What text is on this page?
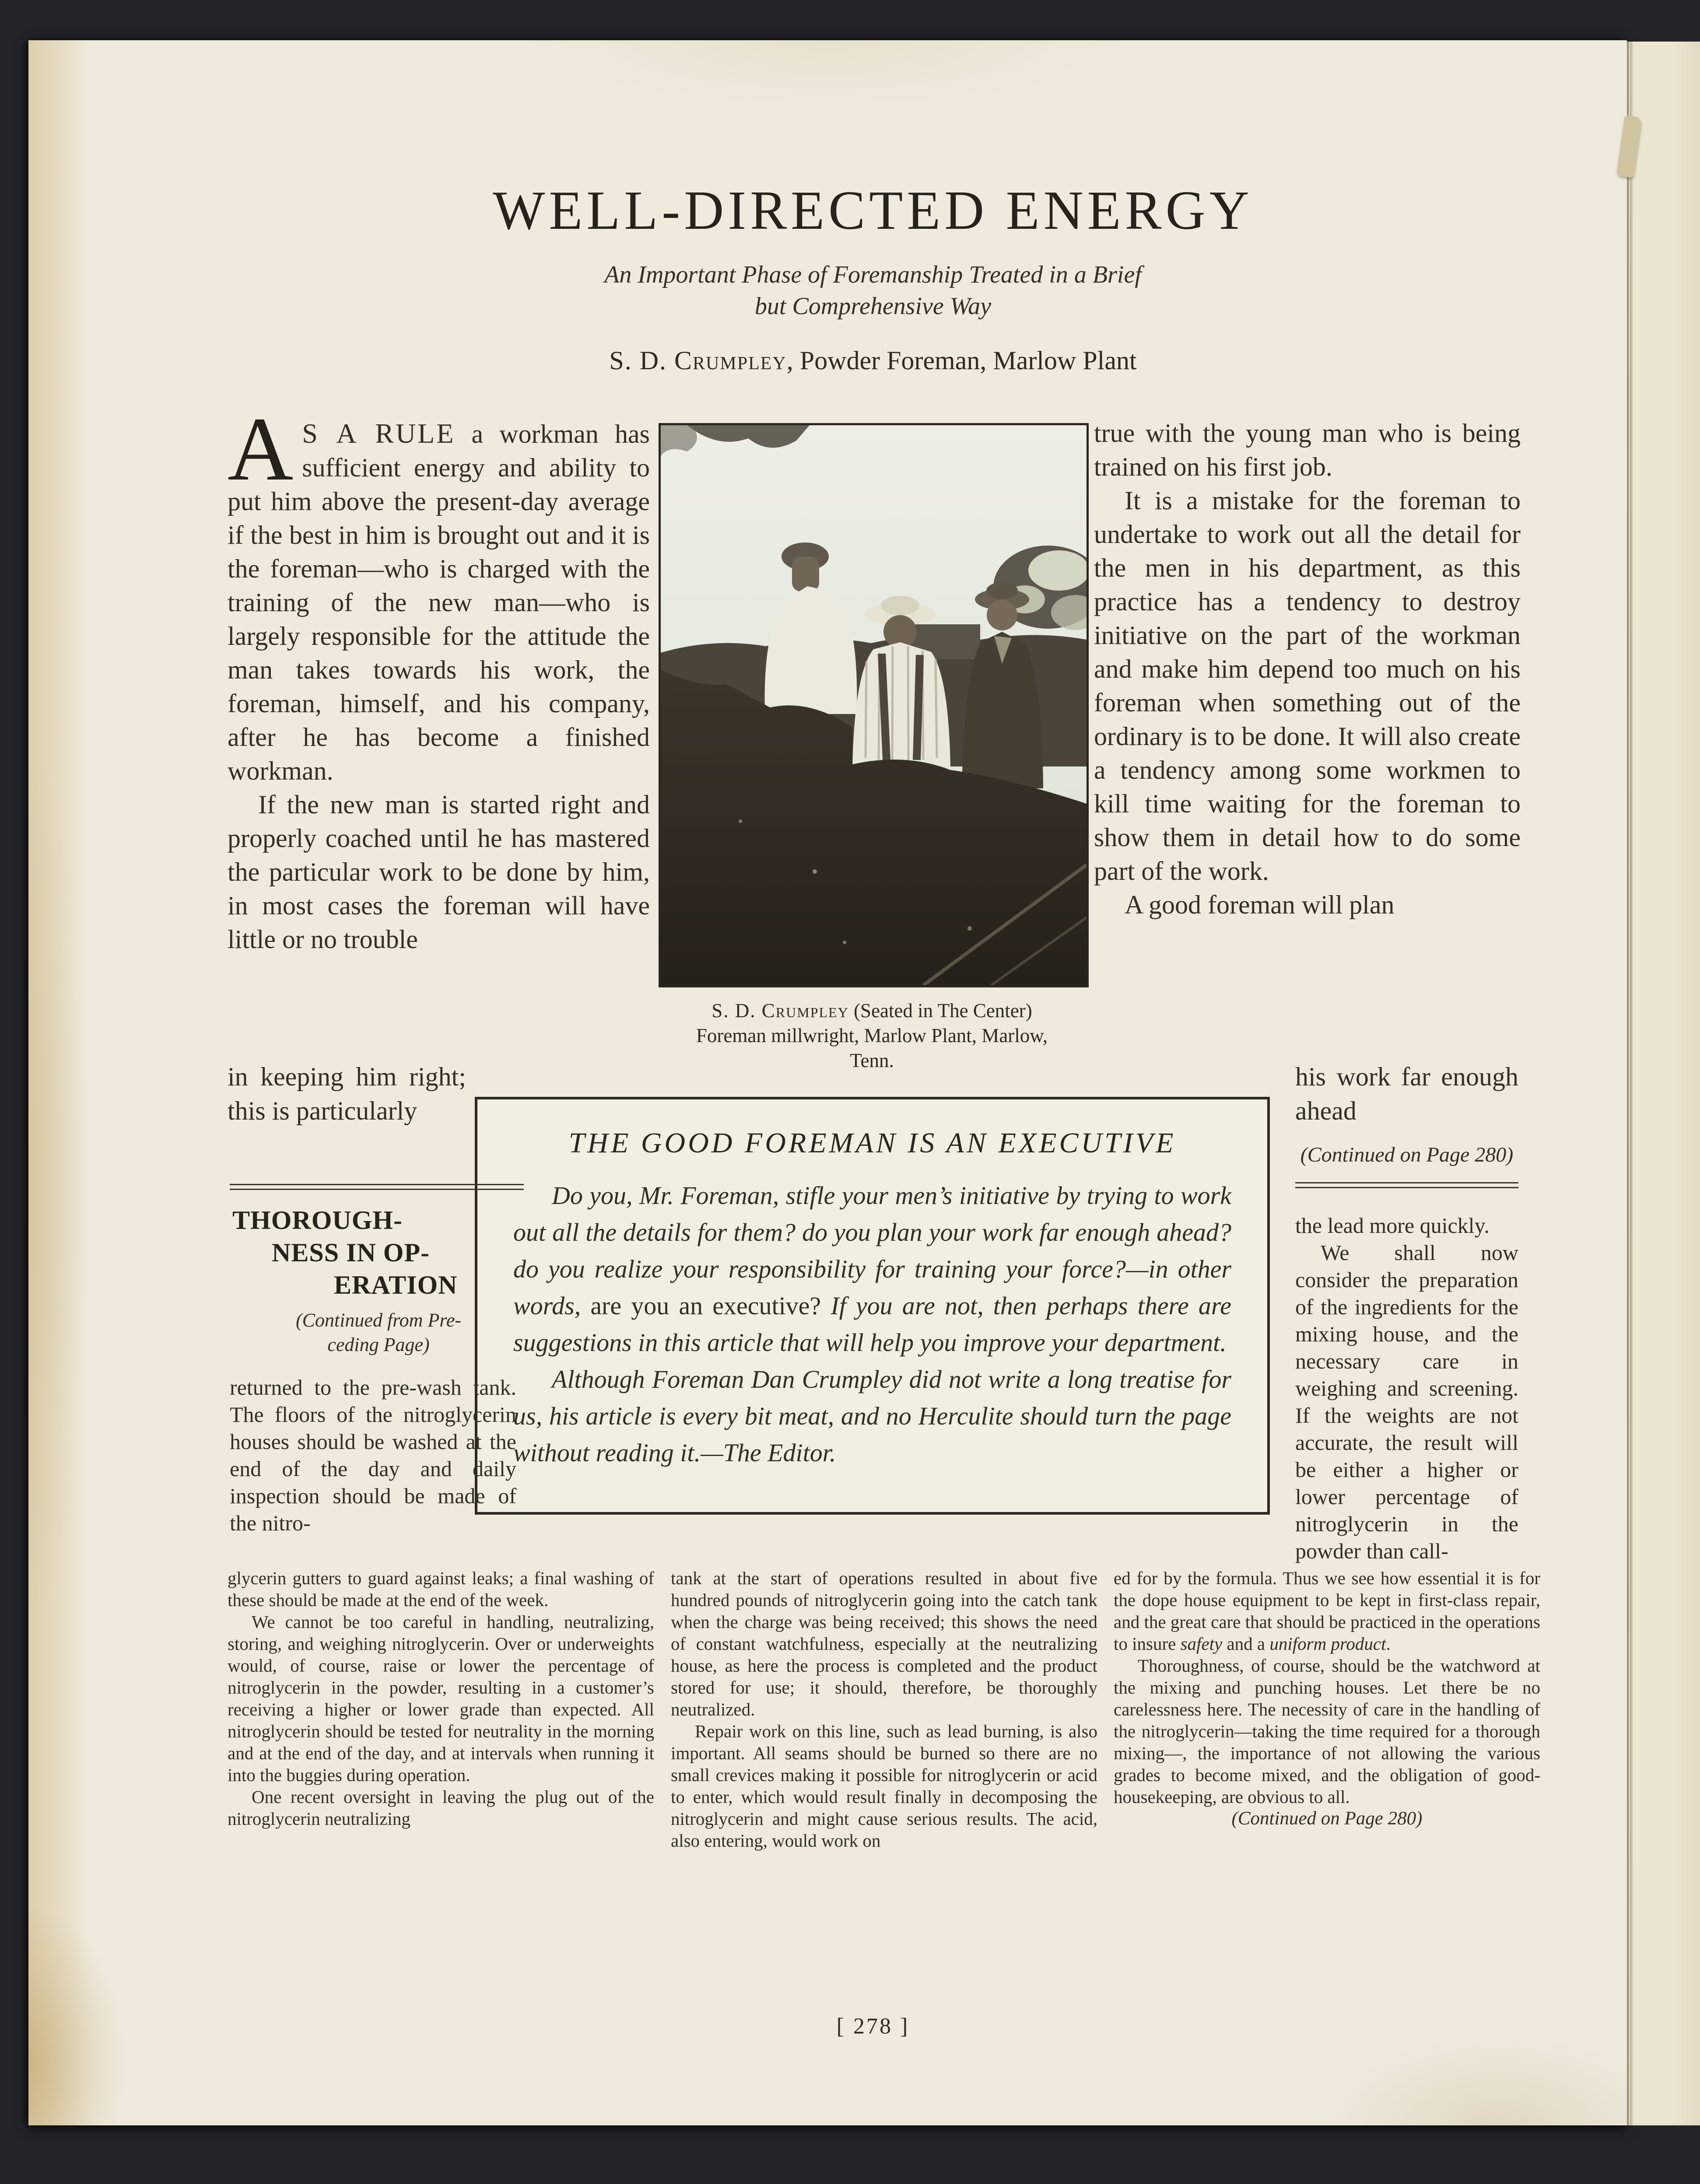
WELL-DIRECTED ENERGY
An Important Phase of Foremanship Treated in a Brief
but Comprehensive Way
S. D. Crumpley, Powder Foreman, Marlow Plant

A S A RULE a workman has sufficient energy and ability to put him above the present-day average if the best in him is brought out and it is the foreman—who is charged with the training of the new man—who is largely responsible for the attitude the man takes towards his work, the foreman, himself, and his company, after he has become a finished workman.

If the new man is started right and properly coached until he has mastered the particular work to be done by him, in most cases the foreman will have little or no trouble

in keeping him right; this is particularly
S. D. Crumpley (Seated in The Center)
Foreman millwright, Marlow Plant, Marlow,
Tenn.

true with the young man who is being trained on his first job.

It is a mistake for the foreman to undertake to work out all the detail for the men in his department, as this practice has a tendency to destroy initiative on the part of the workman and make him depend too much on his foreman when something out of the ordinary is to be done. It will also create a tendency among some workmen to kill time waiting for the foreman to show them in detail how to do some part of the work.

A good foreman will plan

his work far enough ahead
(Continued on Page 280)
THE GOOD FOREMAN IS AN EXECUTIVE

Do you, Mr. Foreman, stifle your men’s initiative by trying to work out all the details for them? do you plan your work far enough ahead? do you realize your responsibility for training your force?—in other words, are you an executive? If you are not, then perhaps there are suggestions in this article that will help you improve your department.

Although Foreman Dan Crumpley did not write a long treatise for us, his article is every bit meat, and no Herculite should turn the page without reading it.—The Editor.

THOROUGH-
NESS IN OP-
ERATION
(Continued from Pre-
ceding Page)
returned to the pre-wash tank. The floors of the nitroglycerin houses should be washed at the end of the day and daily inspection should be made of the nitro-

the lead more quickly.

We shall now consider the preparation of the ingredients for the mixing house, and the necessary care in weighing and screening. If the weights are not accurate, the result will be either a higher or lower percentage of nitroglycerin in the powder than call-

glycerin gutters to guard against leaks; a final washing of these should be made at the end of the week.

We cannot be too careful in handling, neutralizing, storing, and weighing nitroglycerin. Over or underweights would, of course, raise or lower the percentage of nitroglycerin in the powder, resulting in a customer’s receiving a higher or lower grade than expected. All nitroglycerin should be tested for neutrality in the morning and at the end of the day, and at intervals when running it into the buggies during operation.

One recent oversight in leaving the plug out of the nitroglycerin neutralizing

tank at the start of operations resulted in about five hundred pounds of nitroglycerin going into the catch tank when the charge was being received; this shows the need of constant watchfulness, especially at the neutralizing house, as here the process is completed and the product stored for use; it should, therefore, be thoroughly neutralized.

Repair work on this line, such as lead burning, is also important. All seams should be burned so there are no small crevices making it possible for nitroglycerin or acid to enter, which would result finally in decomposing the nitroglycerin and might cause serious results. The acid, also entering, would work on

ed for by the formula. Thus we see how essential it is for the dope house equipment to be kept in first-class repair, and the great care that should be practiced in the operations to insure safety and a uniform product.

Thoroughness, of course, should be the watchword at the mixing and punching houses. Let there be no carelessness here. The necessity of care in the handling of the nitroglycerin—taking the time required for a thorough mixing—, the importance of not allowing the various grades to become mixed, and the obligation of good-housekeeping, are obvious to all.

(Continued on Page 280)

[ 278 ]
